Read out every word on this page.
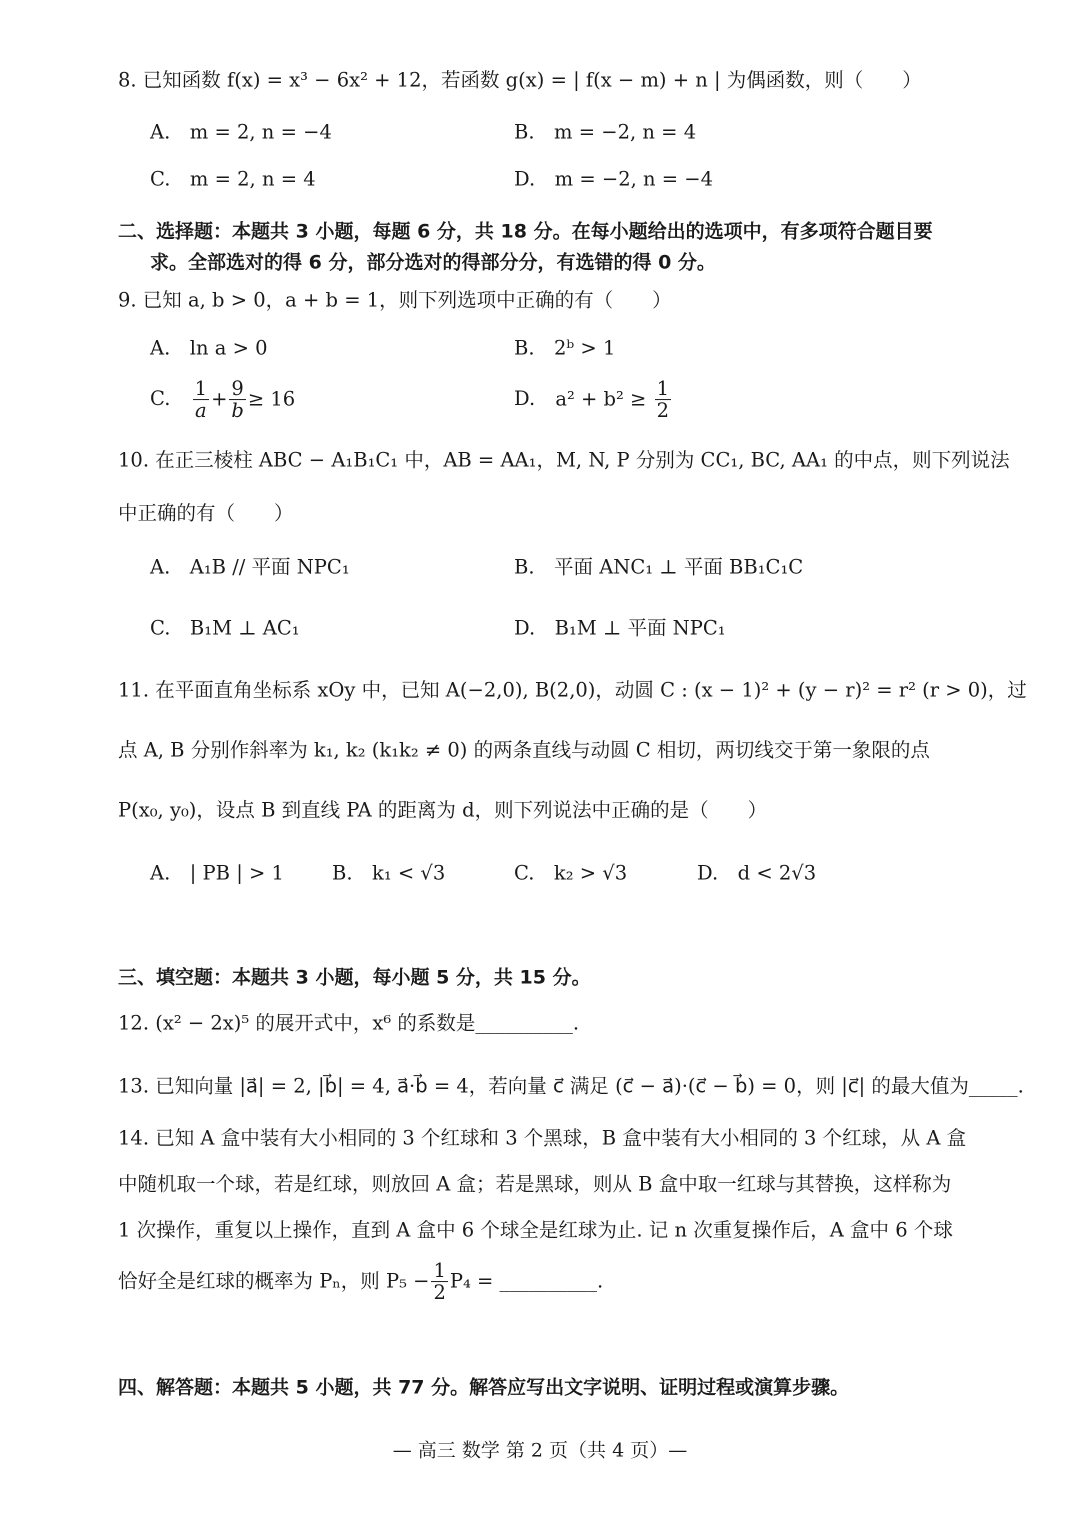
8. 已知函数 f(x) = x³ − 6x² + 12，若函数 g(x) = | f(x − m) + n | 为偶函数，则（　　）
A.　m = 2, n = −4	B.　m = −2, n = 4
C.　m = 2, n = 4	D.　m = −2, n = −4
二、选择题：本题共 3 小题，每题 6 分，共 18 分。在每小题给出的选项中，有多项符合题目要
求。全部选对的得 6 分，部分选对的得部分分，有选错的得 0 分。
9. 已知 a, b > 0，a + b = 1，则下列选项中正确的有（　　）
A.　ln a > 0	B.　2ᵇ > 1
C. $\frac{1}{a} + \frac{9}{b} \ge 16$	D. $a^2 + b^2 \ge \frac{1}{2}$
10. 在正三棱柱 ABC − A₁B₁C₁ 中，AB = AA₁，M, N, P 分别为 CC₁, BC, AA₁ 的中点，则下列说法
中正确的有（　　）
A.　A₁B // 平面 NPC₁	B.　平面 ANC₁ ⊥ 平面 BB₁C₁C
C.　B₁M ⊥ AC₁	D.　B₁M ⊥ 平面 NPC₁
11. 在平面直角坐标系 xOy 中，已知 A(−2,0), B(2,0)，动圆 C : (x − 1)² + (y − r)² = r² (r > 0)，过
点 A, B 分别作斜率为 k₁, k₂ (k₁k₂ ≠ 0) 的两条直线与动圆 C 相切，两切线交于第一象限的点
P(x₀, y₀)，设点 B 到直线 PA 的距离为 d，则下列说法中正确的是（　　）
A.　| PB | > 1 B.　k₁ < √3	C.　k₂ > √3	D.　d < 2√3
三、填空题：本题共 3 小题，每小题 5 分，共 15 分。
12. (x² − 2x)⁵ 的展开式中，x⁶ 的系数是__________.
13. 已知向量 |a⃗| = 2, |b⃗| = 4, a⃗·b⃗ = 4，若向量 c⃗ 满足 (c⃗ − a⃗)·(c⃗ − b⃗) = 0，则 |c⃗| 的最大值为_____.
14. 已知 A 盒中装有大小相同的 3 个红球和 3 个黑球，B 盒中装有大小相同的 3 个红球，从 A 盒
中随机取一个球，若是红球，则放回 A 盒；若是黑球，则从 B 盒中取一红球与其替换，这样称为
1 次操作，重复以上操作，直到 A 盒中 6 个球全是红球为止. 记 n 次重复操作后，A 盒中 6 个球
恰好全是红球的概率为 Pₙ，则 $P_5 - \frac{1}{2} P_4$ = __________.
四、解答题：本题共 5 小题，共 77 分。解答应写出文字说明、证明过程或演算步骤。
— 高三 数学 第 2 页（共 4 页）—
